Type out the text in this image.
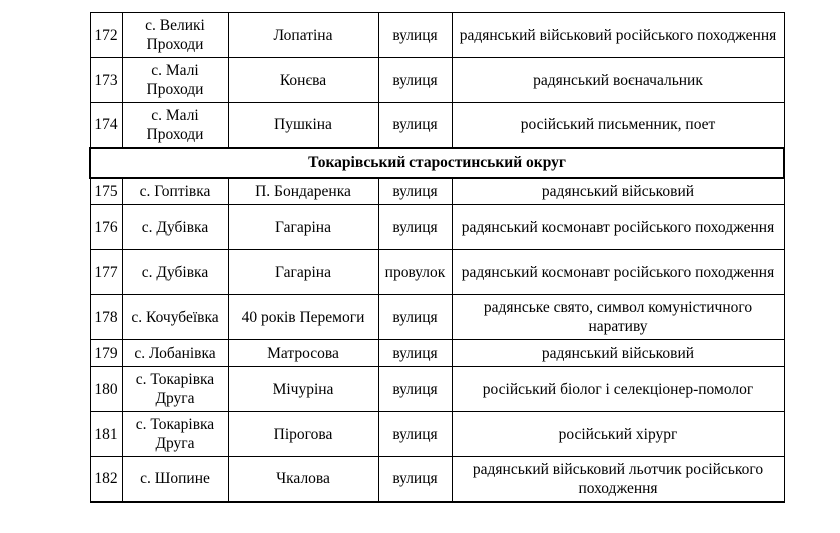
172	с. Великі Проходи	Лопатіна	вулиця	радянський військовий російського походження
173	с. Малі Проходи	Конєва	вулиця	радянський воєначальник
174	с. Малі Проходи	Пушкіна	вулиця	російський письменник, поет
Токарівський старостинський округ				
175	с. Гоптівка	П. Бондаренка	вулиця	радянський військовий
176	с. Дубівка	Гагаріна	вулиця	радянський космонавт російського походження
177	с. Дубівка	Гагаріна	провулок	радянський космонавт російського походження
178	с. Кочубеївка	40 років Перемоги	вулиця	радянське свято, символ комуністичного наративу
179	с. Лобанівка	Матросова	вулиця	радянський військовий
180	с. Токарівка Друга	Мічуріна	вулиця	російський біолог і селекціонер-помолог
181	с. Токарівка Друга	Пірогова	вулиця	російський хірург
182	с. Шопине	Чкалова	вулиця	радянський військовий льотчик російського походження
